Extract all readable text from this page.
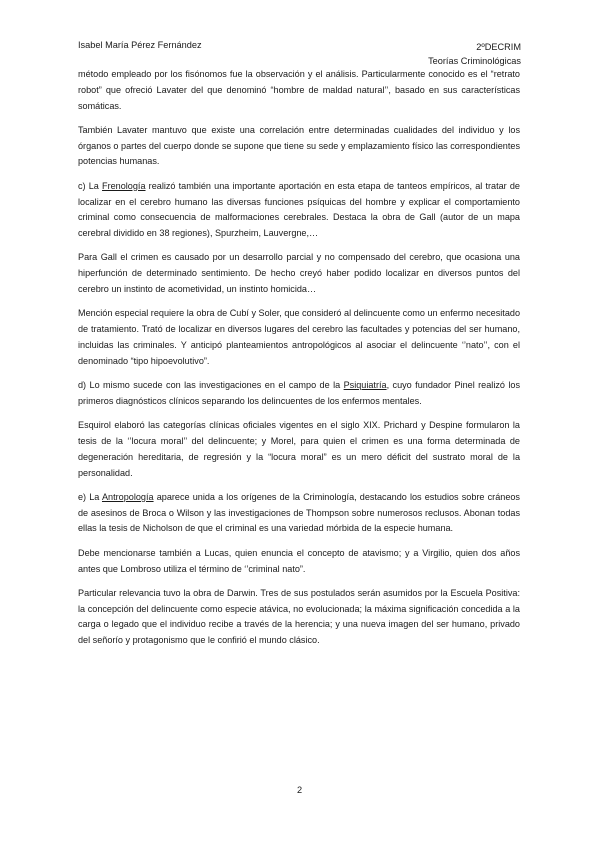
Isabel María Pérez Fernández	2ºDECRIM
Teorías Criminológicas

método empleado por los fisónomos fue la observación y el análisis. Particularmente conocido es el “retrato robot” que ofreció Lavater del que denominó “hombre de maldad natural’’, basado en sus características somáticas.

También Lavater mantuvo que existe una correlación entre determinadas cualidades del individuo y los órganos o partes del cuerpo donde se supone que tiene su sede y emplazamiento físico las correspondientes potencias humanas.

c) La Frenología realizó también una importante aportación en esta etapa de tanteos empíricos, al tratar de localizar en el cerebro humano las diversas funciones psíquicas del hombre y explicar el comportamiento criminal como consecuencia de malformaciones cerebrales. Destaca la obra de Gall (autor de un mapa cerebral dividido en 38 regiones), Spurzheim, Lauvergne,…

Para Gall el crimen es causado por un desarrollo parcial y no compensado del cerebro, que ocasiona una hiperfunción de determinado sentimiento. De hecho creyó haber podido localizar en diversos puntos del cerebro un instinto de acometividad, un instinto homicida…

Mención especial requiere la obra de Cubí y Soler, que consideró al delincuente como un enfermo necesitado de tratamiento. Trató de localizar en diversos lugares del cerebro las facultades y potencias del ser humano, incluidas las criminales. Y anticipó planteamientos antropológicos al asociar el delincuente ‘’nato’’, con el denominado “tipo hipoevolutivo”.

d) Lo mismo sucede con las investigaciones en el campo de la Psiquiatría, cuyo fundador Pinel realizó los primeros diagnósticos clínicos separando los delincuentes de los enfermos mentales.

Esquirol elaboró las categorías clínicas oficiales vigentes en el siglo XIX. Prichard y Despine formularon la tesis de la ‘’locura moral’’ del delincuente; y Morel, para quien el crimen es una forma determinada de degeneración hereditaria, de regresión y la “locura moral” es un mero déficit del sustrato moral de la personalidad.

e) La Antropología aparece unida a los orígenes de la Criminología, destacando los estudios sobre cráneos de asesinos de Broca o Wilson y las investigaciones de Thompson sobre numerosos reclusos. Abonan todas ellas la tesis de Nicholson de que el criminal es una variedad mórbida de la especie humana.

Debe mencionarse también a Lucas, quien enuncia el concepto de atavismo; y a Virgilio, quien dos años antes que Lombroso utiliza el término de ‘’criminal nato”.

Particular relevancia tuvo la obra de Darwin. Tres de sus postulados serán asumidos por la Escuela Positiva: la concepción del delincuente como especie atávica, no evolucionada; la máxima significación concedida a la carga o legado que el individuo recibe a través de la herencia; y una nueva imagen del ser humano, privado del señorío y protagonismo que le confirió el mundo clásico.

2
